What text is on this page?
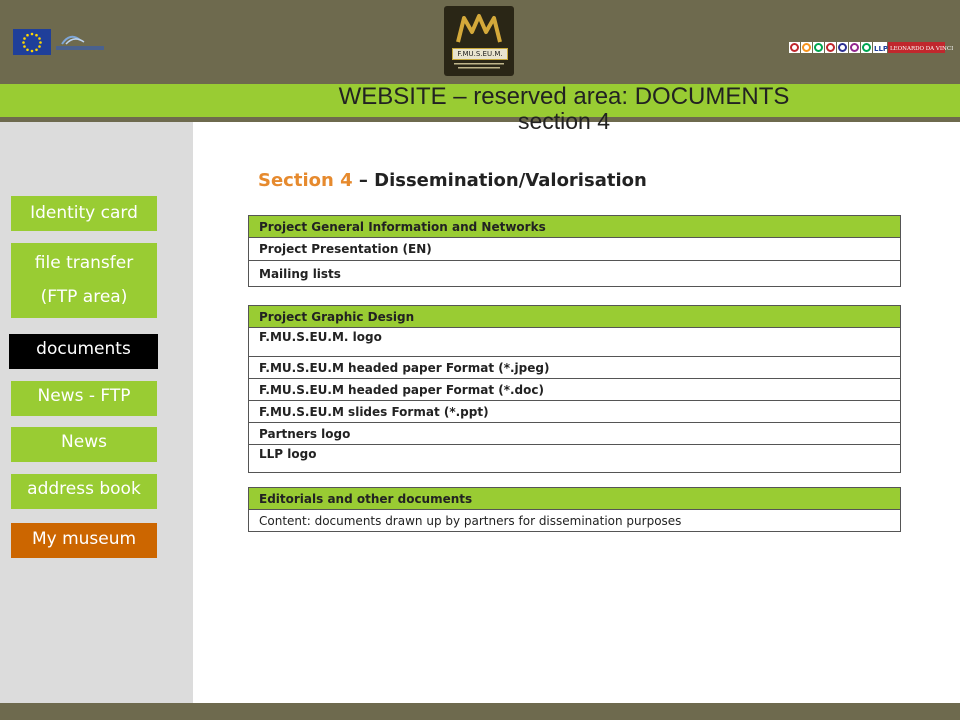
F.MU.S.EU.M.
LLP LEONARDO DA VINCI
WEBSITE – reserved area: DOCUMENTS
section 4
Identity card
file transfer
(FTP area)
documents
News - FTP
News
address book
My museum
Section 4 – Dissemination/Valorisation
Project General Information and Networks
Project Presentation (EN)
Mailing lists
Project Graphic Design
F.MU.S.EU.M. logo
F.MU.S.EU.M headed paper Format (*.jpeg)
F.MU.S.EU.M headed paper Format (*.doc)
F.MU.S.EU.M slides Format (*.ppt)
Partners logo
LLP logo
Editorials and other documents
Content: documents drawn up by partners for dissemination purposes
